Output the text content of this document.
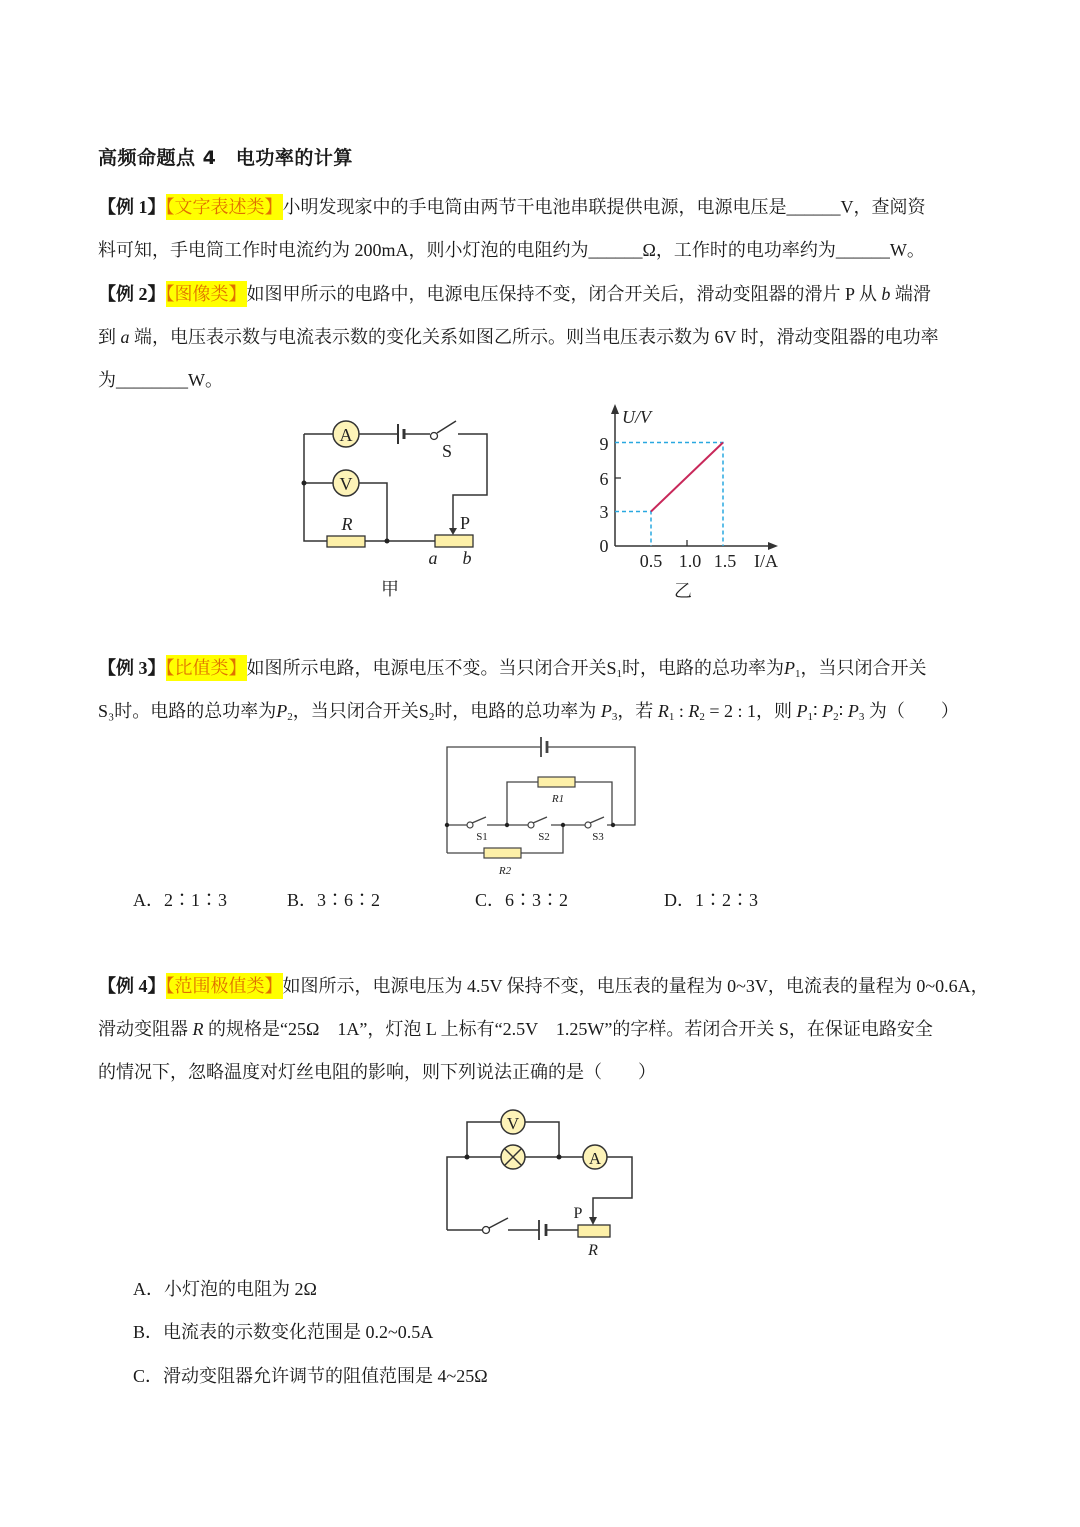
高频命题点 4　电功率的计算
【例 1】【文字表述类】小明发现家中的手电筒由两节干电池串联提供电源，电源电压是______V，查阅资
料可知，手电筒工作时电流约为 200mA，则小灯泡的电阻约为______Ω，工作时的电功率约为______W。
【例 2】【图像类】如图甲所示的电路中，电源电压保持不变，闭合开关后，滑动变阻器的滑片 P 从 b 端滑
到 a 端，电压表示数与电流表示数的变化关系如图乙所示。则当电压表示数为 6V 时，滑动变阻器的电功率
为________W。
【例 3】【比值类】如图所示电路，电源电压不变。当只闭合开关$S_1$时，电路的总功率为$P_1$，当只闭合开关
S₃时。电路的总功率为$P_2$，当只闭合开关$S_2$时，电路的总功率为 $P_3$，若 $R_1$ : $R_2 = 2$ : 1，则 $P_1∶$ $P_2∶$ $P_3$ 为（　　）
A．2∶1∶3	B．3∶6∶2	C．6∶3∶2	D．1∶2∶3
【例 4】【范围极值类】如图所示，电源电压为 4.5V 保持不变，电压表的量程为 0~3V，电流表的量程为 0~0.6A，
滑动变阻器 R 的规格是“25Ω　1A”，灯泡 L 上标有“2.5V　1.25W”的字样。若闭合开关 S，在保证电路安全
的情况下，忽略温度对灯丝电阻的影响，则下列说法正确的是（　　）
A．小灯泡的电阻为 2Ω
B．电流表的示数变化范围是 0.2~0.5A
C．滑动变阻器允许调节的阻值范围是 4~25Ω
A
V
S
R	P
a b
甲
U/V
9
6
3
0
0.5 1.0 1.5 I/A
乙
R1
R2
S1	S2	S3
V
A
P
R
